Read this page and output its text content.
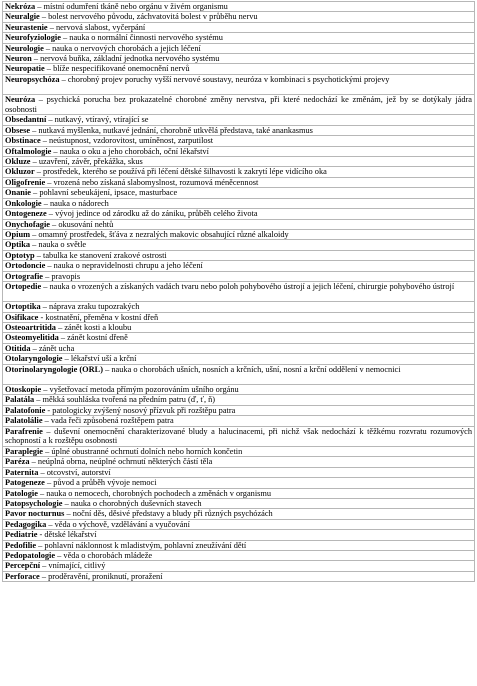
Nekróza – místní odumření tkáně nebo orgánu v živém organismu
Neuralgie – bolest nervového původu, záchvatovitá bolest v průběhu nervu
Neurastenie – nervová slabost, vyčerpání
Neurofyziologie – nauka o normální činnosti nervového systému
Neurologie – nauka o nervových chorobách a jejich léčení
Neuron – nervová buňka, základní jednotka nervového systému
Neuropatie – blíže nespecifikované onemocnění nervů
Neuropsychóza – chorobný projev poruchy vyšší nervové soustavy, neuróza v kombinaci s psychotickými projevy
Neuróza – psychická porucha bez prokazatelné chorobné změny nervstva, při které nedochází ke změnám, jež by se dotýkaly jádra osobnosti
Obsedantní – nutkavý, vtíravý, vtírající se
Obsese – nutkavá myšlenka, nutkavé jednání, chorobně utkvělá představa, také anankasmus
Obstinace – neústupnost, vzdorovitost, umíněnost, zarputilost
Oftalmologie – nauka o oku a jeho chorobách, oční lékařství
Okluze – uzavření, závěr, překážka, skus
Okluzor – prostředek, kterého se používá při léčení dětské šilhavosti k zakrytí lépe vidícího oka
Oligofrenie – vrozená nebo získaná slabomyslnost, rozumová méněcennost
Onanie – pohlavní sebeukájení, ipsace, masturbace
Onkologie – nauka o nádorech
Ontogeneze – vývoj jedince od zárodku až do zániku, průběh celého života
Onychofagie – okusování nehtů
Opium – omamný prostředek, šťáva z nezralých makovic obsahující různé alkaloidy
Optika – nauka o světle
Optotyp – tabulka ke stanovení zrakové ostrosti
Ortodoncie – nauka o nepravidelnosti chrupu a jeho léčení
Ortografie – pravopis
Ortopedie – nauka o vrozených a získaných vadách tvaru nebo poloh pohybového ústrojí a jejich léčení, chirurgie pohybového ústrojí
Ortoptika – náprava zraku tupozrakých
Osifikace - kostnatění, přeměna v kostní dřeň
Osteoartritida – zánět kosti a kloubu
Osteomyelitida – zánět kostní dřeně
Otitida – zánět ucha
Otolaryngologie – lékařství uší a krční
Otorinolaryngologie (ORL) – nauka o chorobách ušních, nosních a krčních, ušní, nosní a krční oddělení v nemocnici
Otoskopie – vyšetřovací metoda přímým pozorováním ušního orgánu
Palatála – měkká souhláska tvořená na předním patru (ď, ť, ň)
Palatofonie - patologicky zvýšený nosový přízvuk při rozštěpu patra
Palatolálie – vada řeči způsobená rozštěpem patra
Parafrenie – duševní onemocnění charakterizované bludy a halucinacemi, při nichž však nedochází k těžkému rozvratu rozumových schopností a k rozštěpu osobnosti
Paraplegie – úplné obustranné ochrnutí dolních nebo horních končetin
Paréza – neúplná obrna, neúplné ochrnutí některých částí těla
Paternita – otcovství, autorství
Patogeneze – původ a průběh vývoje nemoci
Patologie – nauka o nemocech, chorobných pochodech a změnách v organismu
Patopsychologie – nauka o chorobných duševních stavech
Pavor nocturnus – noční děs, děsivé představy a bludy při různých psychózách
Pedagogika – věda o výchově, vzdělávání a vyučování
Pediatrie - dětské lékařství
Pedofilie – pohlavní náklonnost k mladistvým, pohlavní zneužívání dětí
Pedopatologie – věda o chorobách mládeže
Percepční – vnímající, citlivý
Perforace – proděravění, proniknutí, proražení
